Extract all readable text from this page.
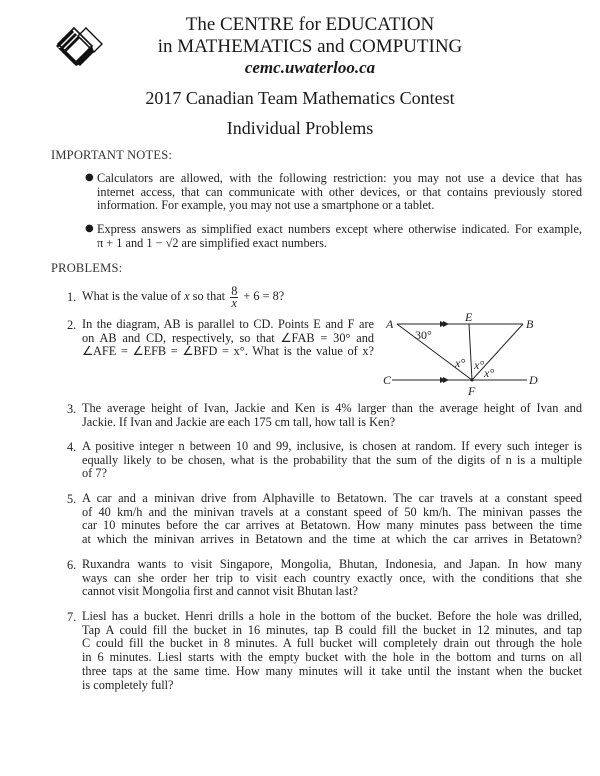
The CENTRE for EDUCATION
in MATHEMATICS and COMPUTING
cemc.uwaterloo.ca
2017 Canadian Team Mathematics Contest
Individual Problems
IMPORTANT NOTES:
● Calculators are allowed, with the following restriction: you may not use a device that has
internet access, that can communicate with other devices, or that contains previously stored
information. For example, you may not use a smartphone or a tablet.
● Express answers as simplified exact numbers except where otherwise indicated. For example,
π + 1 and 1 − √2 are simplified exact numbers.
PROBLEMS:
1. What is the value of x so that $\frac{8}{x} + 6 = 8$?
2. In the diagram, AB is parallel to CD. Points E and F are
on AB and CD, respectively, so that ∠FAB = 30° and
∠AFE = ∠EFB = ∠BFD = x°. What is the value of x?
A	E	B
C	D
F
30°
x° x°
x°
3. The average height of Ivan, Jackie and Ken is 4% larger than the average height of Ivan and
Jackie. If Ivan and Jackie are each 175 cm tall, how tall is Ken?
4. A positive integer n between 10 and 99, inclusive, is chosen at random. If every such integer is
equally likely to be chosen, what is the probability that the sum of the digits of n is a multiple
of 7?
5. A car and a minivan drive from Alphaville to Betatown. The car travels at a constant speed
of 40 km/h and the minivan travels at a constant speed of 50 km/h. The minivan passes the
car 10 minutes before the car arrives at Betatown. How many minutes pass between the time
at which the minivan arrives in Betatown and the time at which the car arrives in Betatown?
6. Ruxandra wants to visit Singapore, Mongolia, Bhutan, Indonesia, and Japan. In how many
ways can she order her trip to visit each country exactly once, with the conditions that she
cannot visit Mongolia first and cannot visit Bhutan last?
7. Liesl has a bucket. Henri drills a hole in the bottom of the bucket. Before the hole was drilled,
Tap A could fill the bucket in 16 minutes, tap B could fill the bucket in 12 minutes, and tap
C could fill the bucket in 8 minutes. A full bucket will completely drain out through the hole
in 6 minutes. Liesl starts with the empty bucket with the hole in the bottom and turns on all
three taps at the same time. How many minutes will it take until the instant when the bucket
is completely full?
